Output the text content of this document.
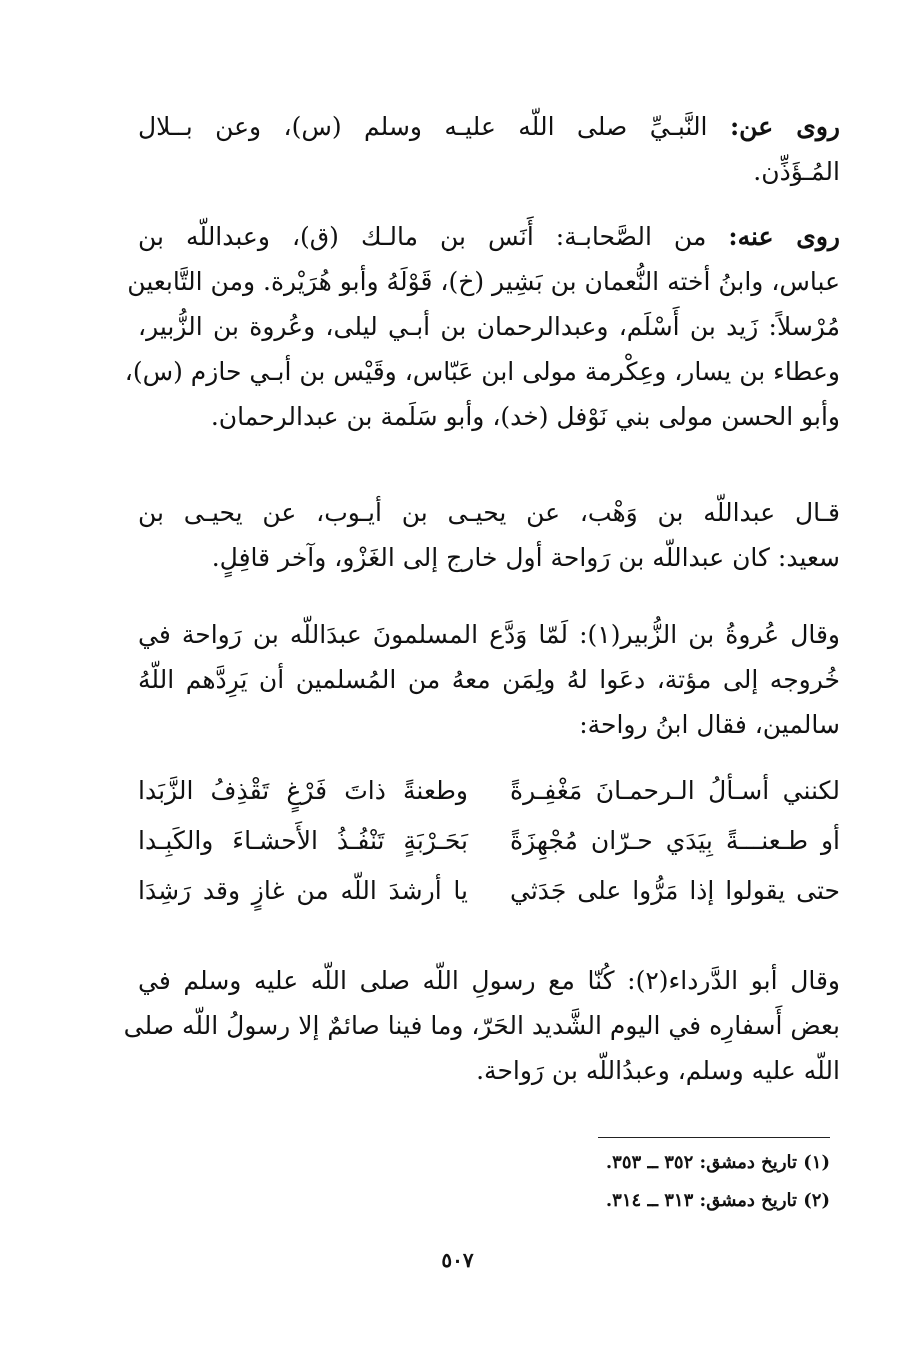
روى عن: النَّبـيِّ صلى اللّه عليـه وسلم (س)، وعن بــلال
المُـؤَذِّن.
روى عنه: من الصَّحابـة: أَنَس بن مالـك (ق)، وعبداللّه بن
عباس، وابنُ أخته النُّعمان بن بَشِير (خ)، قَوْلَهُ وأبو هُرَيْرة. ومن التَّابعين
مُرْسلاً: زَيد بن أَسْلَم، وعبدالرحمان بن أبـي ليلى، وعُروة بن الزُّبير،
وعطاء بن يسار، وعِكْرمة مولى ابن عَبّاس، وقَيْس بن أبـي حازم (س)،
وأبو الحسن مولى بني نَوْفل (خد)، وأبو سَلَمة بن عبدالرحمان.
قـال عبداللّه بن وَهْب، عن يحيـى بن أيـوب، عن يحيـى بن
سعيد: كان عبداللّه بن رَواحة أول خارج إلى الغَزْو، وآخر قافِلٍ.
وقال عُروةُ بن الزُّبير(١): لَمّا وَدَّع المسلمونَ عبدَاللّه بن رَواحة في
خُروجه إلى مؤتة، دعَوا لهُ ولِمَن معهُ من المُسلمين أن يَرِدَّهم اللّهُ
سالمين، فقال ابنُ رواحة:
لكنني أسـألُ الـرحمـانَ مَغْفِـرةً
وطعنةً ذاتَ فَرْغٍ تَقْذِفُ الزَّبَدا
أو طـعنـــةً بِيَدَي حـرّان مُجْهِزَةً
بَحَـرْبَةٍ تَنْفُـذُ الأَحشـاءَ والكَبِـدا
حتى يقولوا إذا مَرُّوا على جَدَثي
يا أرشدَ اللّه من غازٍ وقد رَشِدَا
وقال أبو الدَّرداء(٢): كُنّا مع رسولِ اللّه صلى اللّه عليه وسلم في
بعض أَسفارِه في اليوم الشَّديد الحَرّ، وما فينا صائمٌ إلا رسولُ اللّه صلى
اللّه عليه وسلم، وعبدُاللّه بن رَواحة.
(١) تاريخ دمشق: ٣٥٢ ــ ٣٥٣.
(٢) تاريخ دمشق: ٣١٣ ــ ٣١٤.
٥٠٧
